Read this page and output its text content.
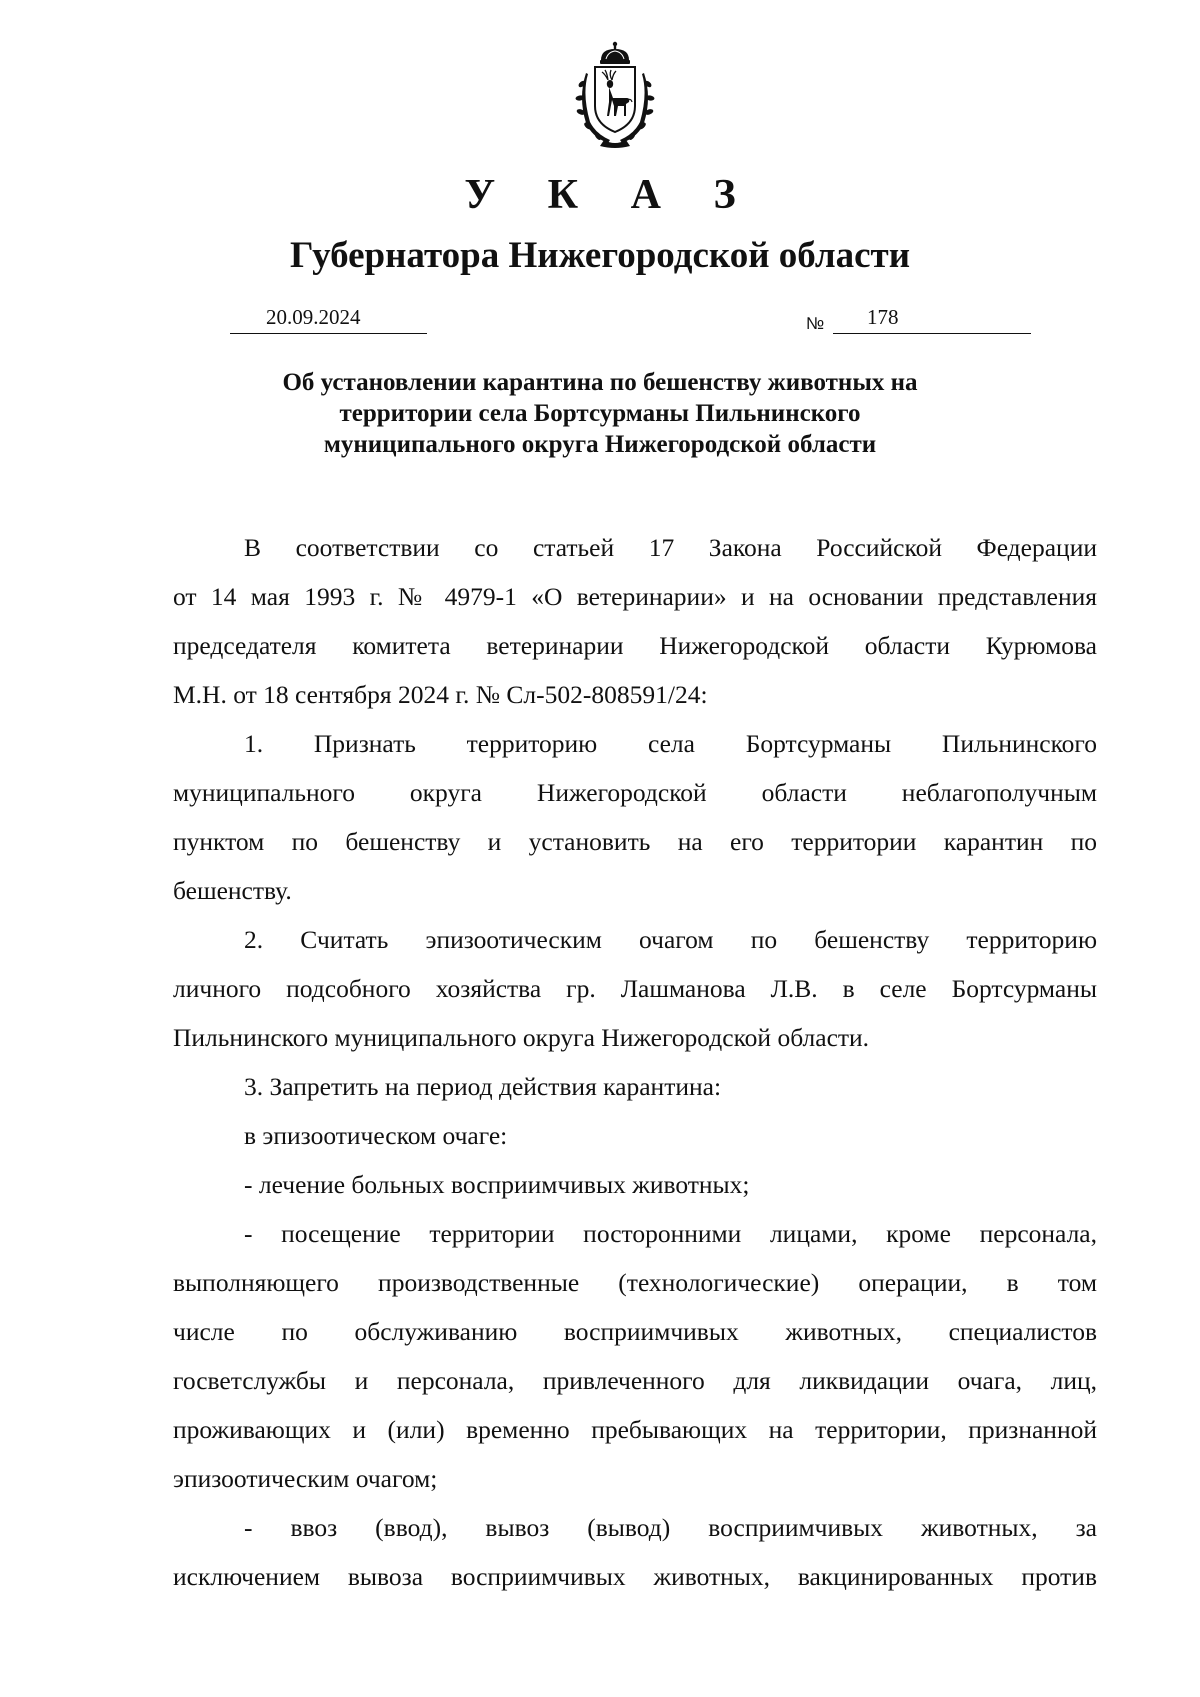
У К А З
Губернатора Нижегородской области
20.09.2024	№ 178
Об установлении карантина по бешенству животных на
территории села Бортсурманы Пильнинского
муниципального округа Нижегородской области
В соответствии со статьей 17 Закона Российской Федерации
от 14 мая 1993 г. № 4979-1 «О ветеринарии» и на основании представления
председателя комитета ветеринарии Нижегородской области Курюмова
М.Н. от 18 сентября 2024 г. № Сл-502-808591/24:
1. Признать территорию села Бортсурманы Пильнинского
муниципального округа Нижегородской области неблагополучным
пунктом по бешенству и установить на его территории карантин по
бешенству.
2. Считать эпизоотическим очагом по бешенству территорию
личного подсобного хозяйства гр. Лашманова Л.В. в селе Бортсурманы
Пильнинского муниципального округа Нижегородской области.
3. Запретить на период действия карантина:
в эпизоотическом очаге:
- лечение больных восприимчивых животных;
- посещение территории посторонними лицами, кроме персонала,
выполняющего производственные (технологические) операции, в том
числе по обслуживанию восприимчивых животных, специалистов
госветслужбы и персонала, привлеченного для ликвидации очага, лиц,
проживающих и (или) временно пребывающих на территории, признанной
эпизоотическим очагом;
- ввоз (ввод), вывоз (вывод) восприимчивых животных, за
исключением вывоза восприимчивых животных, вакцинированных против
